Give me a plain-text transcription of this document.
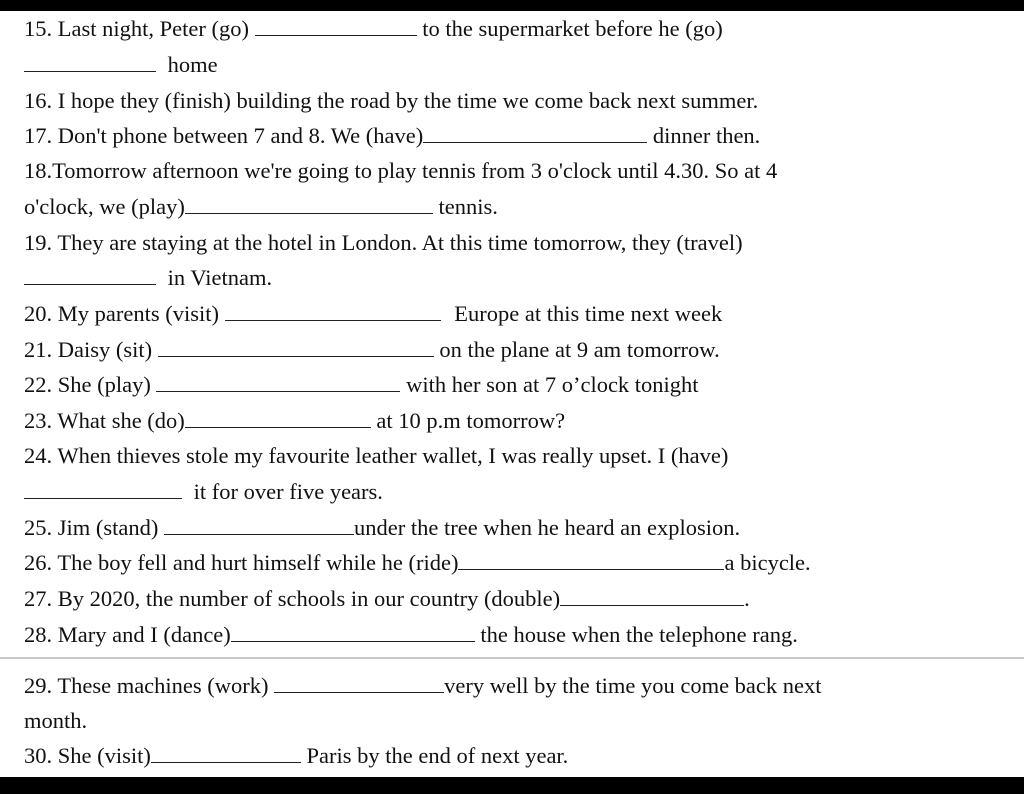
15. Last night, Peter (go)	to the supermarket before he (go)
home
16. I hope they (finish) building the road by the time we come back next summer.
17. Don't phone between 7 and 8. We (have)	dinner then.
18.Tomorrow afternoon we're going to play tennis from 3 o'clock until 4.30. So at 4
o'clock, we (play)	tennis.
19. They are staying at the hotel in London. At this time tomorrow, they (travel)
in Vietnam.
20. My parents (visit)	Europe at this time next week
21. Daisy (sit)	on the plane at 9 am tomorrow.
22. She (play)	with her son at 7 o’clock tonight
23. What she (do)	at 10 p.m tomorrow?
24. When thieves stole my favourite leather wallet, I was really upset. I (have)
it for over five years.
25. Jim (stand)	under the tree when he heard an explosion.
26. The boy fell and hurt himself while he (ride)	a bicycle.
27. By 2020, the number of schools in our country (double)	.
28. Mary and I (dance)	the house when the telephone rang.
29. These machines (work)	very well by the time you come back next
month.
30. She (visit)	Paris by the end of next year.
